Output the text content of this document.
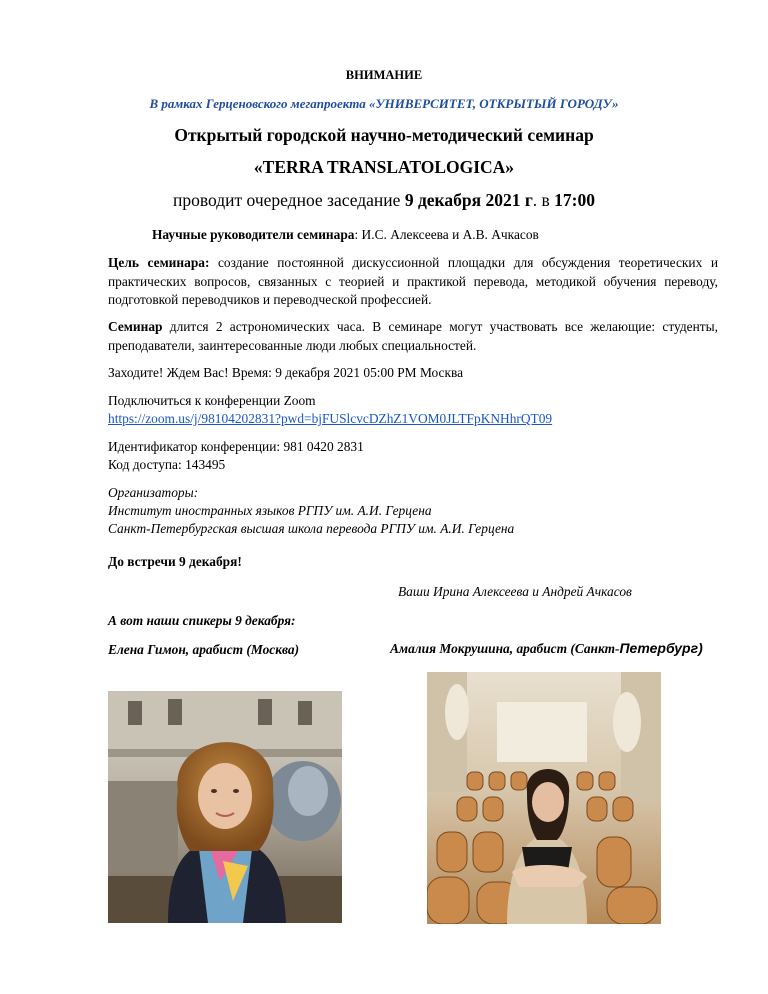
ВНИМАНИЕ
В рамках Герценовского мегапроекта «УНИВЕРСИТЕТ, ОТКРЫТЫЙ ГОРОДУ»
Открытый городской научно-методический семинар
«TERRA TRANSLATOLOGICA»
проводит очередное заседание 9 декабря 2021 г. в 17:00
Научные руководители семинара: И.С. Алексеева и А.В. Ачкасов
Цель семинара: создание постоянной дискуссионной площадки для обсуждения теоретических и практических вопросов, связанных с теорией и практикой перевода, методикой обучения переводу, подготовкой переводчиков и переводческой профессией.
Семинар длится 2 астрономических часа. В семинаре могут участвовать все желающие: студенты, преподаватели, заинтересованные люди любых специальностей.
Заходите! Ждем Вас! Время: 9 декабря 2021 05:00 PM Москва
Подключиться к конференции Zoom
https://zoom.us/j/98104202831?pwd=bjFUSlcvcDZhZ1VOM0JLTFpKNHhrQT09
Идентификатор конференции: 981 0420 2831
Код доступа: 143495
Организаторы:
Институт иностранных языков РГПУ им. А.И. Герцена
Санкт-Петербургская высшая школа перевода РГПУ им. А.И. Герцена
До встречи 9 декабря!
Ваши Ирина Алексеева и Андрей Ачкасов
А вот наши спикеры 9 декабря:
Елена Гимон, арабист (Москва)	Амалия Мокрушина, арабист (Санкт-Петербург)
